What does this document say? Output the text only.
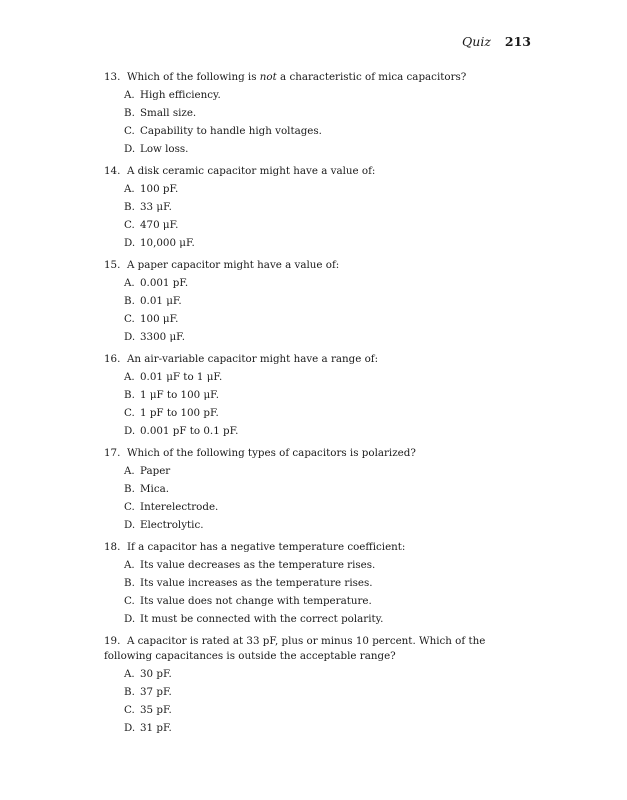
Quiz 213
13. Which of the following is not a characteristic of mica capacitors?
A. High efficiency.
B. Small size.
C. Capability to handle high voltages.
D. Low loss.
14. A disk ceramic capacitor might have a value of:
A. 100 pF.
B. 33 μF.
C. 470 μF.
D. 10,000 μF.
15. A paper capacitor might have a value of:
A. 0.001 pF.
B. 0.01 μF.
C. 100 μF.
D. 3300 μF.
16. An air-variable capacitor might have a range of:
A. 0.01 μF to 1 μF.
B. 1 μF to 100 μF.
C. 1 pF to 100 pF.
D. 0.001 pF to 0.1 pF.
17. Which of the following types of capacitors is polarized?
A. Paper
B. Mica.
C. Interelectrode.
D. Electrolytic.
18. If a capacitor has a negative temperature coefficient:
A. Its value decreases as the temperature rises.
B. Its value increases as the temperature rises.
C. Its value does not change with temperature.
D. It must be connected with the correct polarity.
19. A capacitor is rated at 33 pF, plus or minus 10 percent. Which of the following capacitances is outside the acceptable range?
A. 30 pF.
B. 37 pF.
C. 35 pF.
D. 31 pF.
